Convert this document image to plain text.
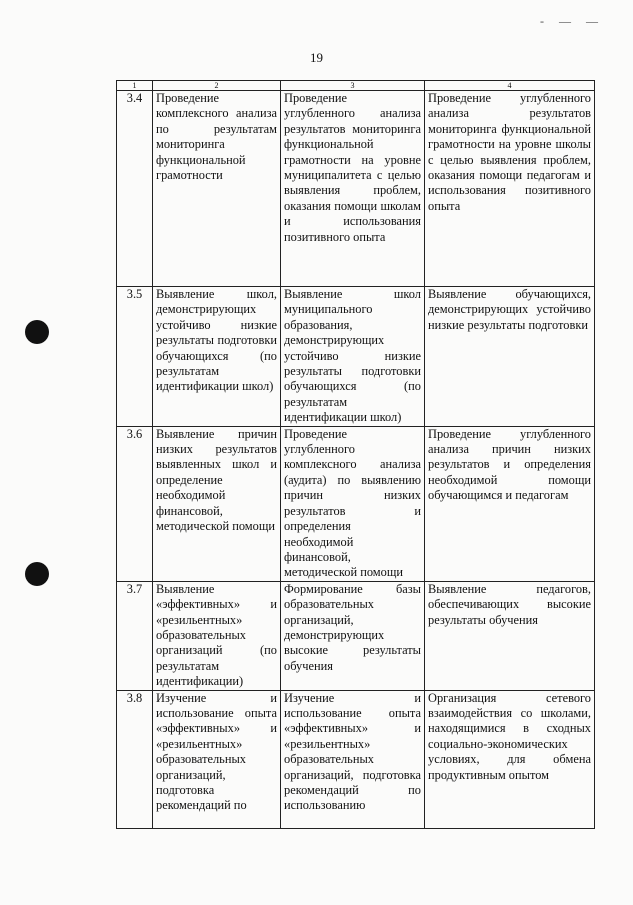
- — —
19
1	2	3	4
3.4	Проведение комплексного анализа по результатам мониторинга функциональной грамотности	Проведение углубленного анализа результатов мониторинга функциональной грамотности на уровне муниципалитета с целью выявления проблем, оказания помощи школам и использования позитивного опыта	Проведение углубленного анализа результатов мониторинга функциональной грамотности на уровне школы с целью выявления проблем, оказания помощи педагогам и использования позитивного опыта
3.5	Выявление школ, демонстрирующих устойчиво низкие результаты подготовки обучающихся (по результатам идентификации школ)	Выявление школ муниципального образования, демонстрирующих устойчиво низкие результаты подготовки обучающихся (по результатам идентификации школ)	Выявление обучающихся, демонстрирующих устойчиво низкие результаты подготовки
3.6	Выявление причин низких результатов выявленных школ и определение необходимой финансовой, методической помощи	Проведение углубленного комплексного анализа (аудита) по выявлению причин низких результатов и определения необходимой финансовой, методической помощи	Проведение углубленного анализа причин низких результатов и определения необходимой помощи обучающимся и педагогам
3.7	Выявление «эффективных» и «резильентных» образовательных организаций (по результатам идентификации)	Формирование базы образовательных организаций, демонстрирующих высокие результаты обучения	Выявление педагогов, обеспечивающих высокие результаты обучения
3.8	Изучение и использование опыта «эффективных» и «резильентных» образовательных организаций, подготовка рекомендаций по	Изучение и использование опыта «эффективных» и «резильентных» образовательных организаций, подготовка рекомендаций по использованию	Организация сетевого взаимодействия со школами, находящимися в сходных социально-экономических условиях, для обмена продуктивным опытом
